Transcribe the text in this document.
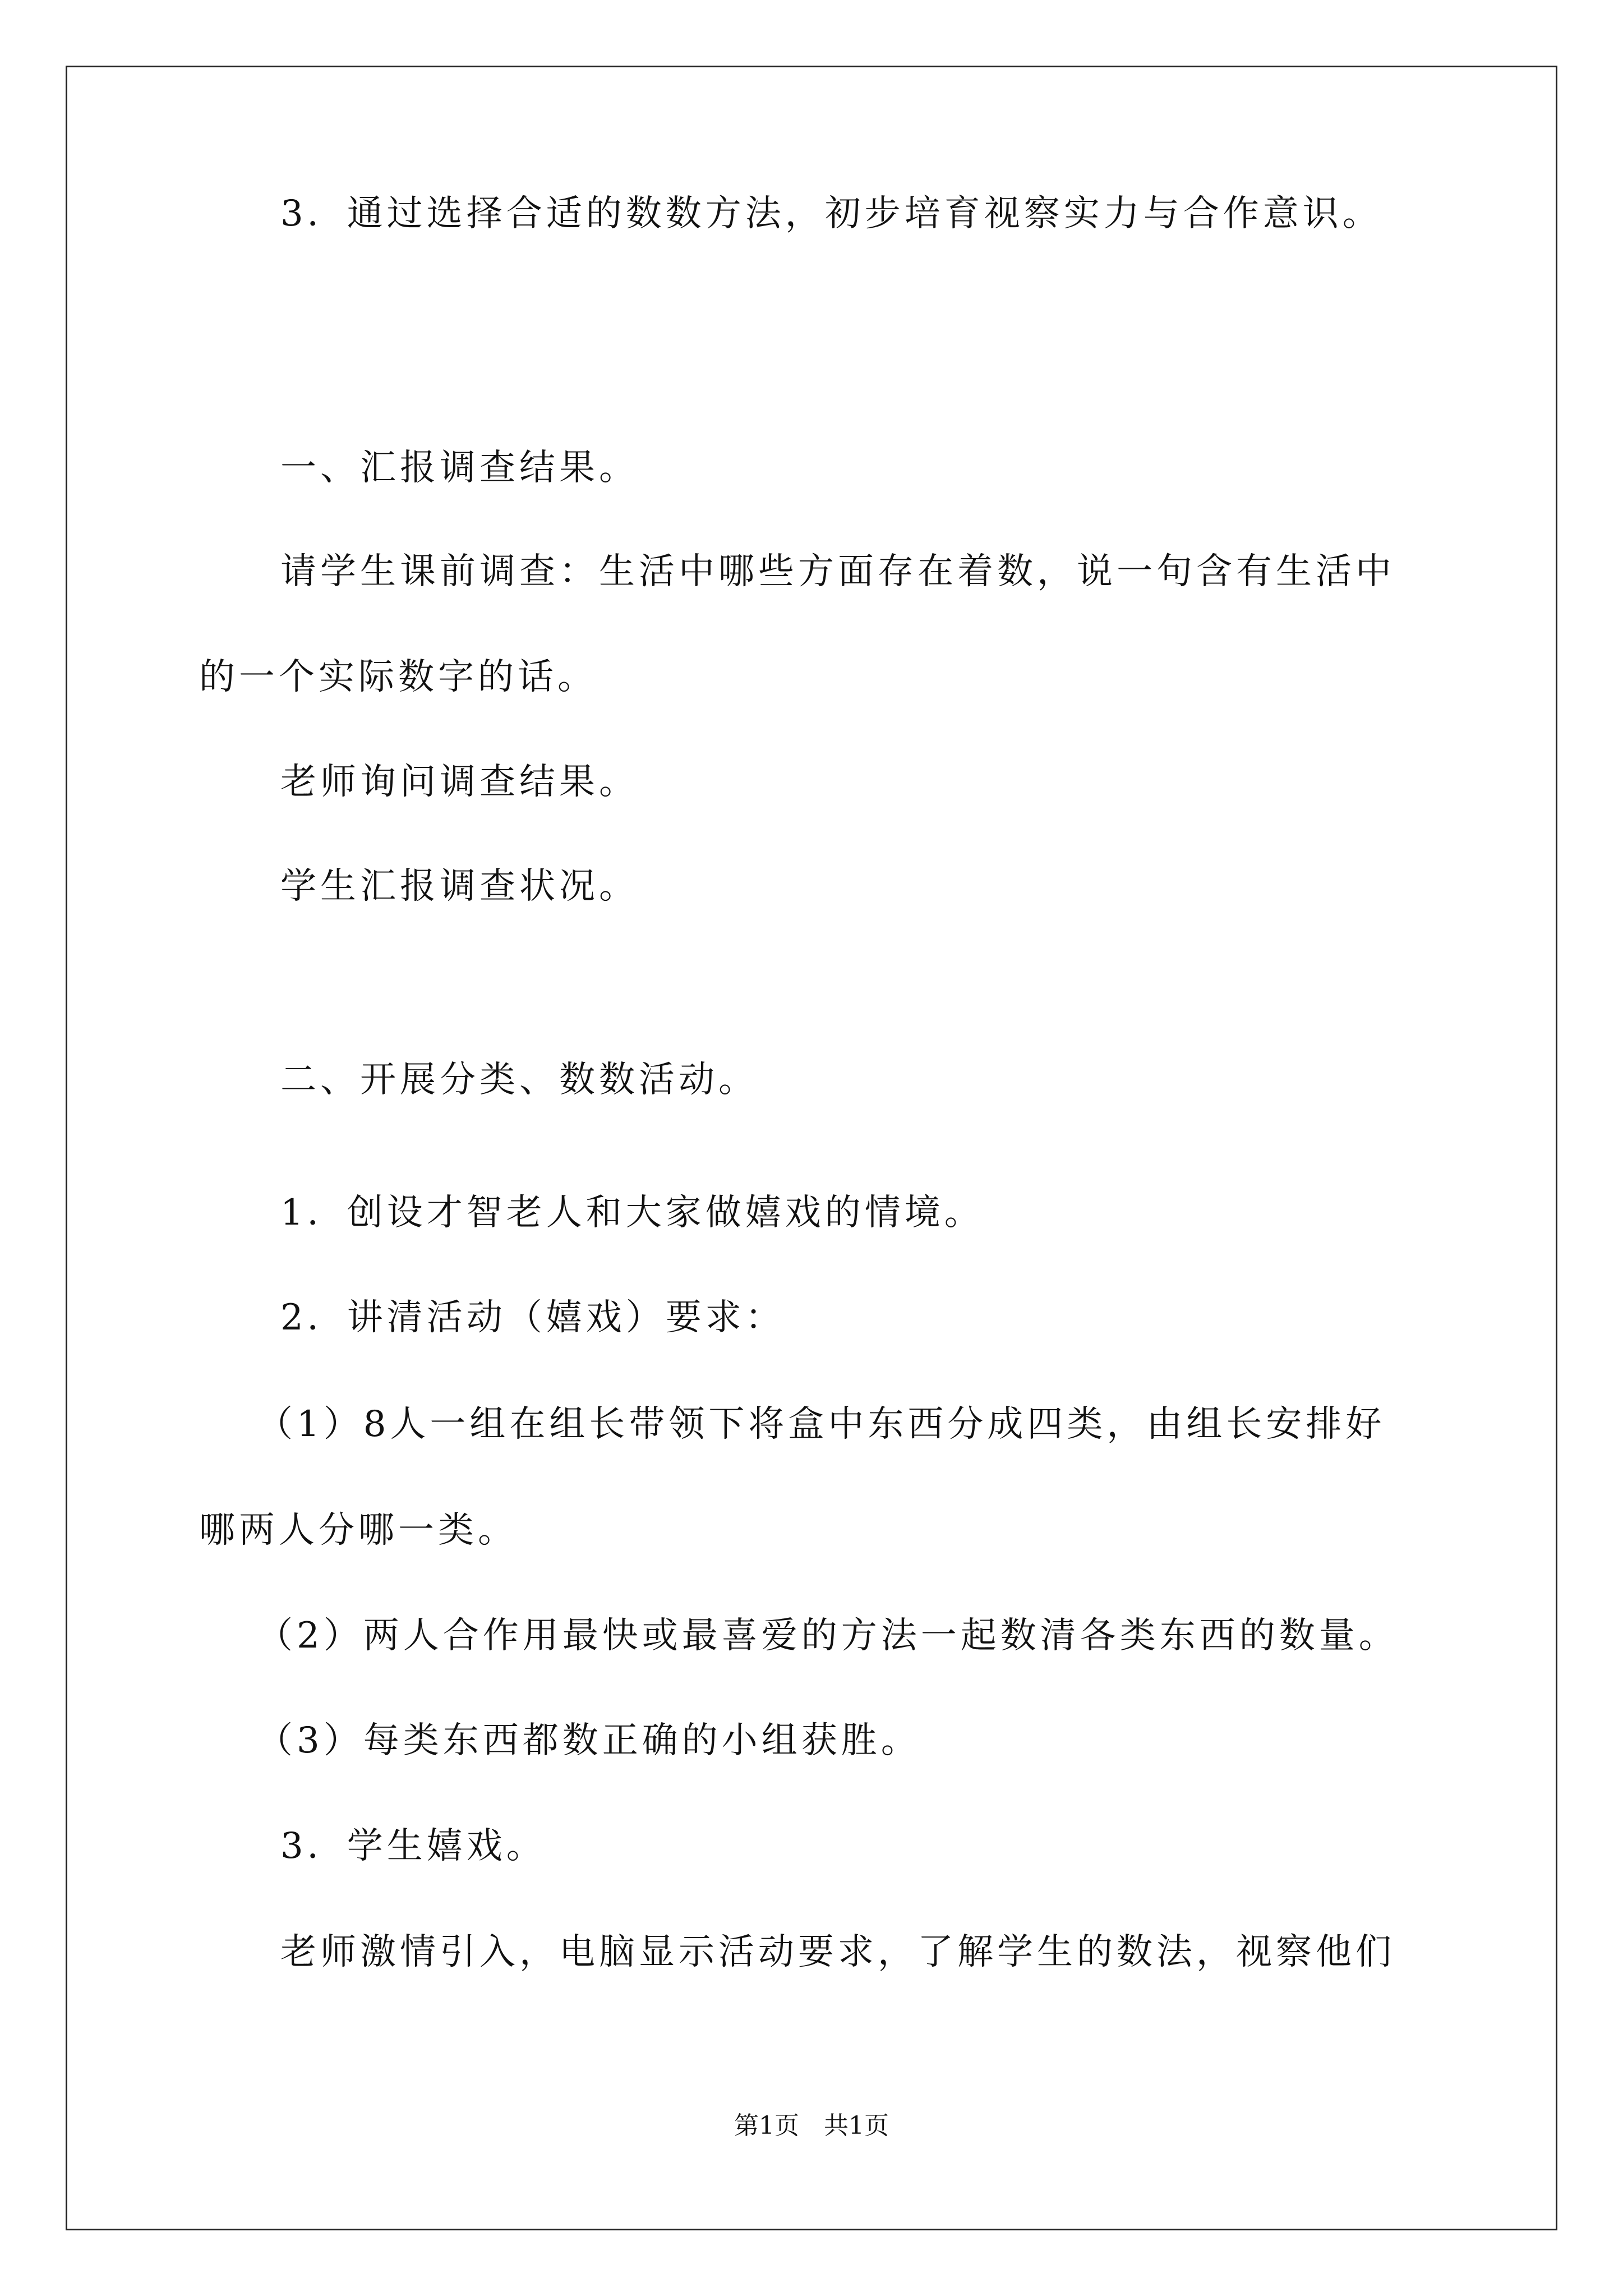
3．通过选择合适的数数方法，初步培育视察实力与合作意识。
一、汇报调查结果。
请学生课前调查：生活中哪些方面存在着数，说一句含有生活中
的一个实际数字的话。
老师询问调查结果。
学生汇报调查状况。
二、开展分类、数数活动。
1．创设才智老人和大家做嬉戏的情境。
2．讲清活动（嬉戏）要求：
（1）8人一组在组长带领下将盒中东西分成四类，由组长安排好
哪两人分哪一类。
（2）两人合作用最快或最喜爱的方法一起数清各类东西的数量。
（3）每类东西都数正确的小组获胜。
3．学生嬉戏。
老师激情引入，电脑显示活动要求，了解学生的数法，视察他们
第1页　共1页
